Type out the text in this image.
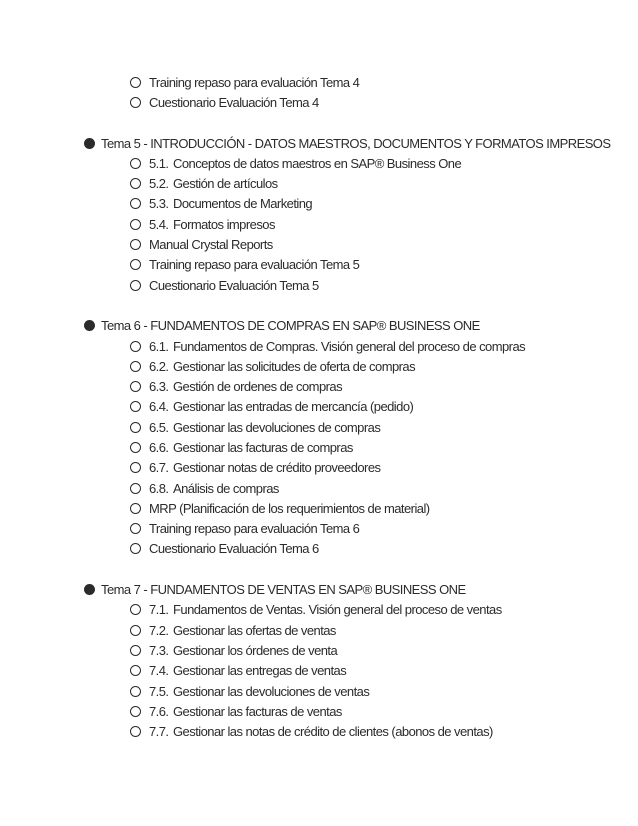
Training repaso para evaluación Tema 4
Cuestionario Evaluación Tema 4
Tema 5 - INTRODUCCIÓN - DATOS MAESTROS, DOCUMENTOS Y FORMATOS IMPRESOS
5.1. Conceptos de datos maestros en SAP® Business One
5.2. Gestión de artículos
5.3. Documentos de Marketing
5.4. Formatos impresos
Manual Crystal Reports
Training repaso para evaluación Tema 5
Cuestionario Evaluación Tema 5
Tema 6 - FUNDAMENTOS DE COMPRAS EN SAP® BUSINESS ONE
6.1. Fundamentos de Compras. Visión general del proceso de compras
6.2. Gestionar las solicitudes de oferta de compras
6.3. Gestión de ordenes de compras
6.4. Gestionar las entradas de mercancía (pedido)
6.5. Gestionar las devoluciones de compras
6.6. Gestionar las facturas de compras
6.7. Gestionar notas de crédito proveedores
6.8. Análisis de compras
MRP (Planificación de los requerimientos de material)
Training repaso para evaluación Tema 6
Cuestionario Evaluación Tema 6
Tema 7 - FUNDAMENTOS DE VENTAS EN SAP® BUSINESS ONE
7.1. Fundamentos de Ventas. Visión general del proceso de ventas
7.2. Gestionar las ofertas de ventas
7.3. Gestionar los órdenes de venta
7.4. Gestionar las entregas de ventas
7.5. Gestionar las devoluciones de ventas
7.6. Gestionar las facturas de ventas
7.7. Gestionar las notas de crédito de clientes (abonos de ventas)
